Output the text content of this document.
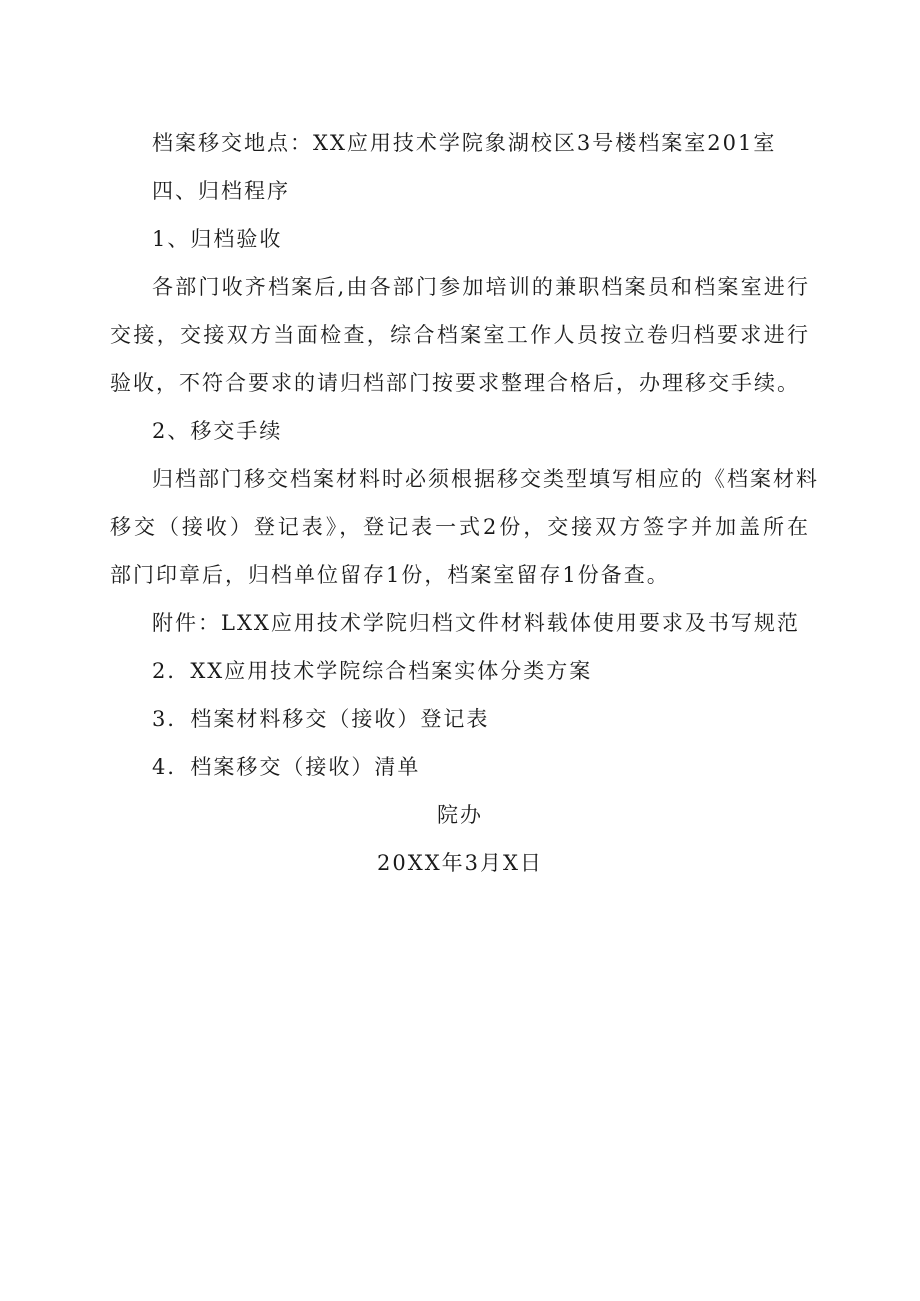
档案移交地点：XX应用技术学院象湖校区3号楼档案室201室
四、归档程序
1、归档验收
各部门收齐档案后,由各部门参加培训的兼职档案员和档案室进行
交接，交接双方当面检查，综合档案室工作人员按立卷归档要求进行
验收，不符合要求的请归档部门按要求整理合格后，办理移交手续。
2、移交手续
归档部门移交档案材料时必须根据移交类型填写相应的《档案材料
移交（接收）登记表》，登记表一式2份，交接双方签字并加盖所在
部门印章后，归档单位留存1份，档案室留存1份备查。
附件：LXX应用技术学院归档文件材料载体使用要求及书写规范
2．XX应用技术学院综合档案实体分类方案
3．档案材料移交（接收）登记表
4．档案移交（接收）清单
院办
20XX年3月X日
